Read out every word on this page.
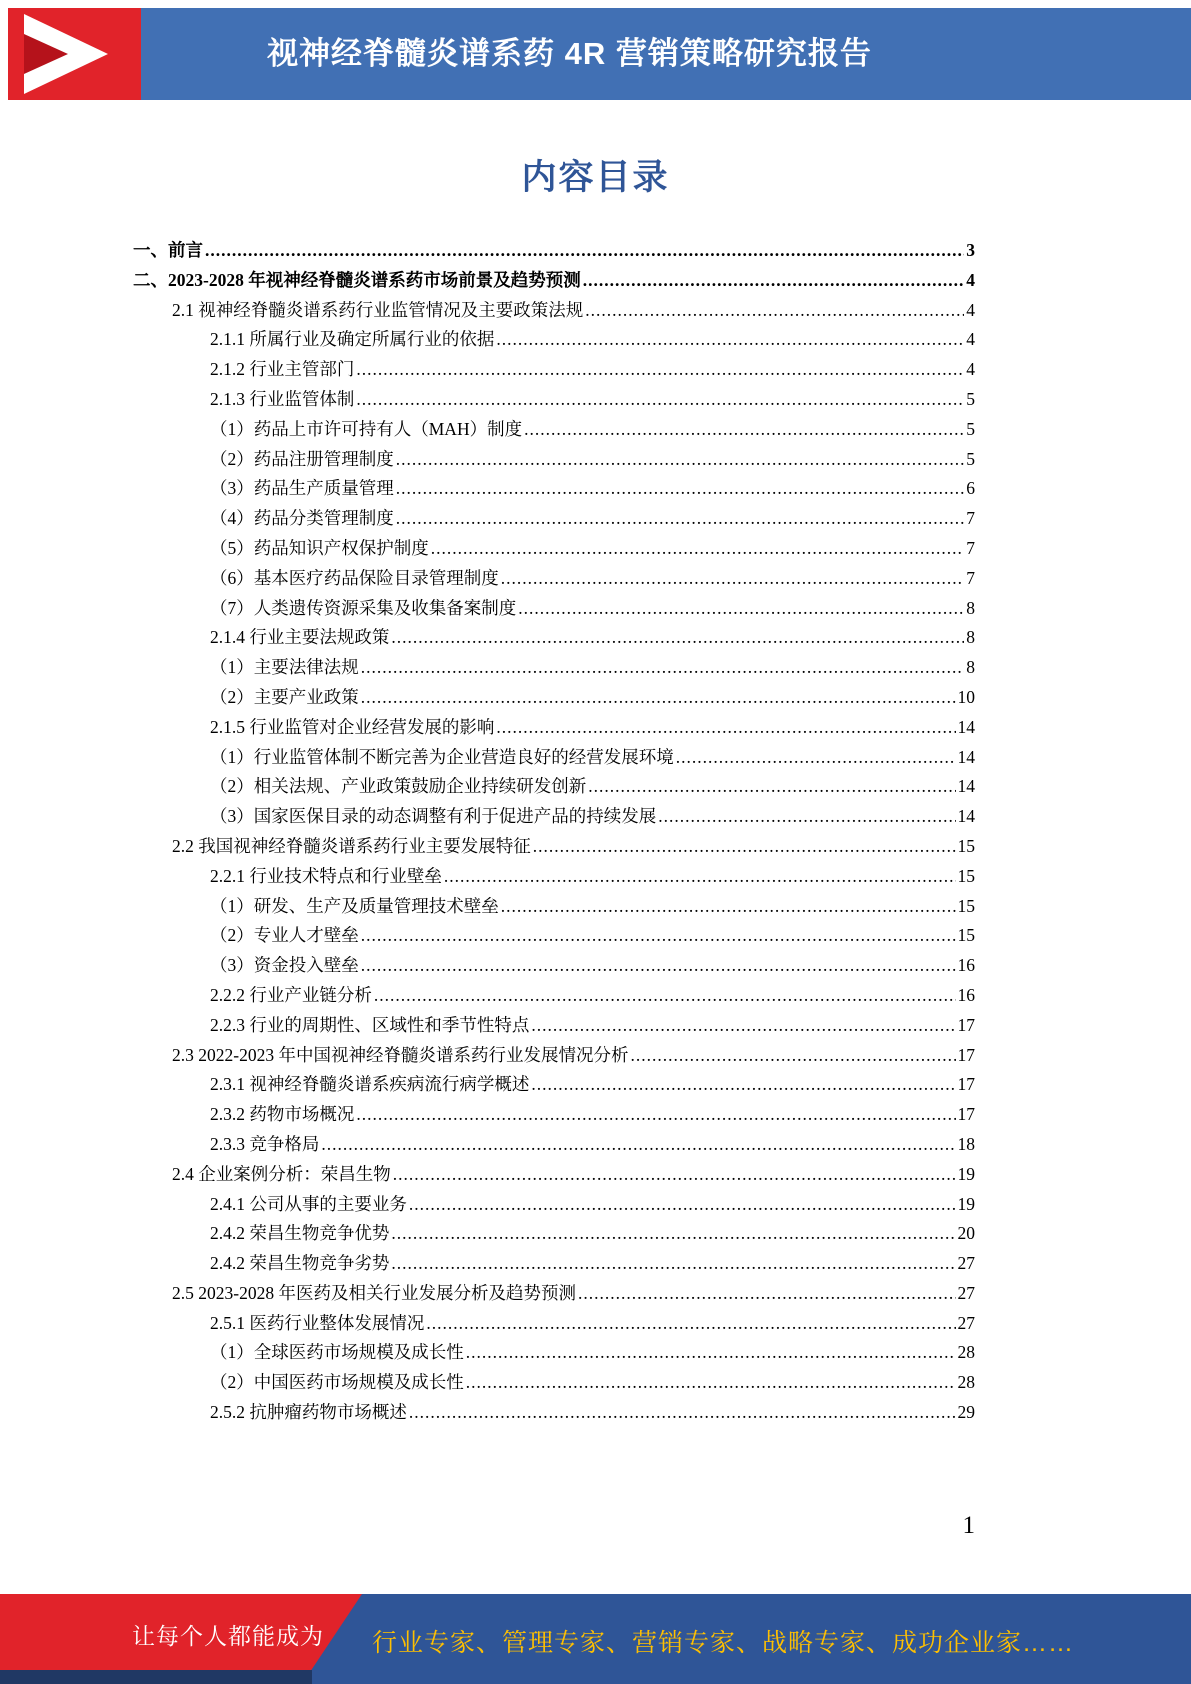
视神经脊髓炎谱系药 4R 营销策略研究报告
内容目录
一、前言 .....	3
二、2023-2028 年视神经脊髓炎谱系药市场前景及趋势预测 .....	4
2.1 视神经脊髓炎谱系药行业监管情况及主要政策法规 .....	4
2.1.1 所属行业及确定所属行业的依据 .....	4
2.1.2 行业主管部门 .....	4
2.1.3 行业监管体制 .....	5
（1）药品上市许可持有人（MAH）制度 .....	5
（2）药品注册管理制度 .....	5
（3）药品生产质量管理 .....	6
（4）药品分类管理制度 .....	7
（5）药品知识产权保护制度 .....	7
（6）基本医疗药品保险目录管理制度 .....	7
（7）人类遗传资源采集及收集备案制度 .....	8
2.1.4 行业主要法规政策 .....	8
（1）主要法律法规 .....	8
（2）主要产业政策 .....	10
2.1.5 行业监管对企业经营发展的影响 .....	14
（1）行业监管体制不断完善为企业营造良好的经营发展环境 .....	14
（2）相关法规、产业政策鼓励企业持续研发创新 .....	14
（3）国家医保目录的动态调整有利于促进产品的持续发展 .....	14
2.2 我国视神经脊髓炎谱系药行业主要发展特征 .....	15
2.2.1 行业技术特点和行业壁垒 .....	15
（1）研发、生产及质量管理技术壁垒 .....	15
（2）专业人才壁垒 .....	15
（3）资金投入壁垒 .....	16
2.2.2 行业产业链分析 .....	16
2.2.3 行业的周期性、区域性和季节性特点 .....	17
2.3 2022-2023 年中国视神经脊髓炎谱系药行业发展情况分析 .....	17
2.3.1 视神经脊髓炎谱系疾病流行病学概述 .....	17
2.3.2 药物市场概况 .....	17
2.3.3 竞争格局 .....	18
2.4 企业案例分析：荣昌生物 .....	19
2.4.1 公司从事的主要业务 .....	19
2.4.2 荣昌生物竞争优势 .....	20
2.4.2 荣昌生物竞争劣势 .....	27
2.5 2023-2028 年医药及相关行业发展分析及趋势预测 .....	27
2.5.1 医药行业整体发展情况 .....	27
（1）全球医药市场规模及成长性 .....	28
（2）中国医药市场规模及成长性 .....	28
2.5.2 抗肿瘤药物市场概述 .....	29
1
让每个人都能成为 行业专家、管理专家、营销专家、战略专家、成功企业家……
